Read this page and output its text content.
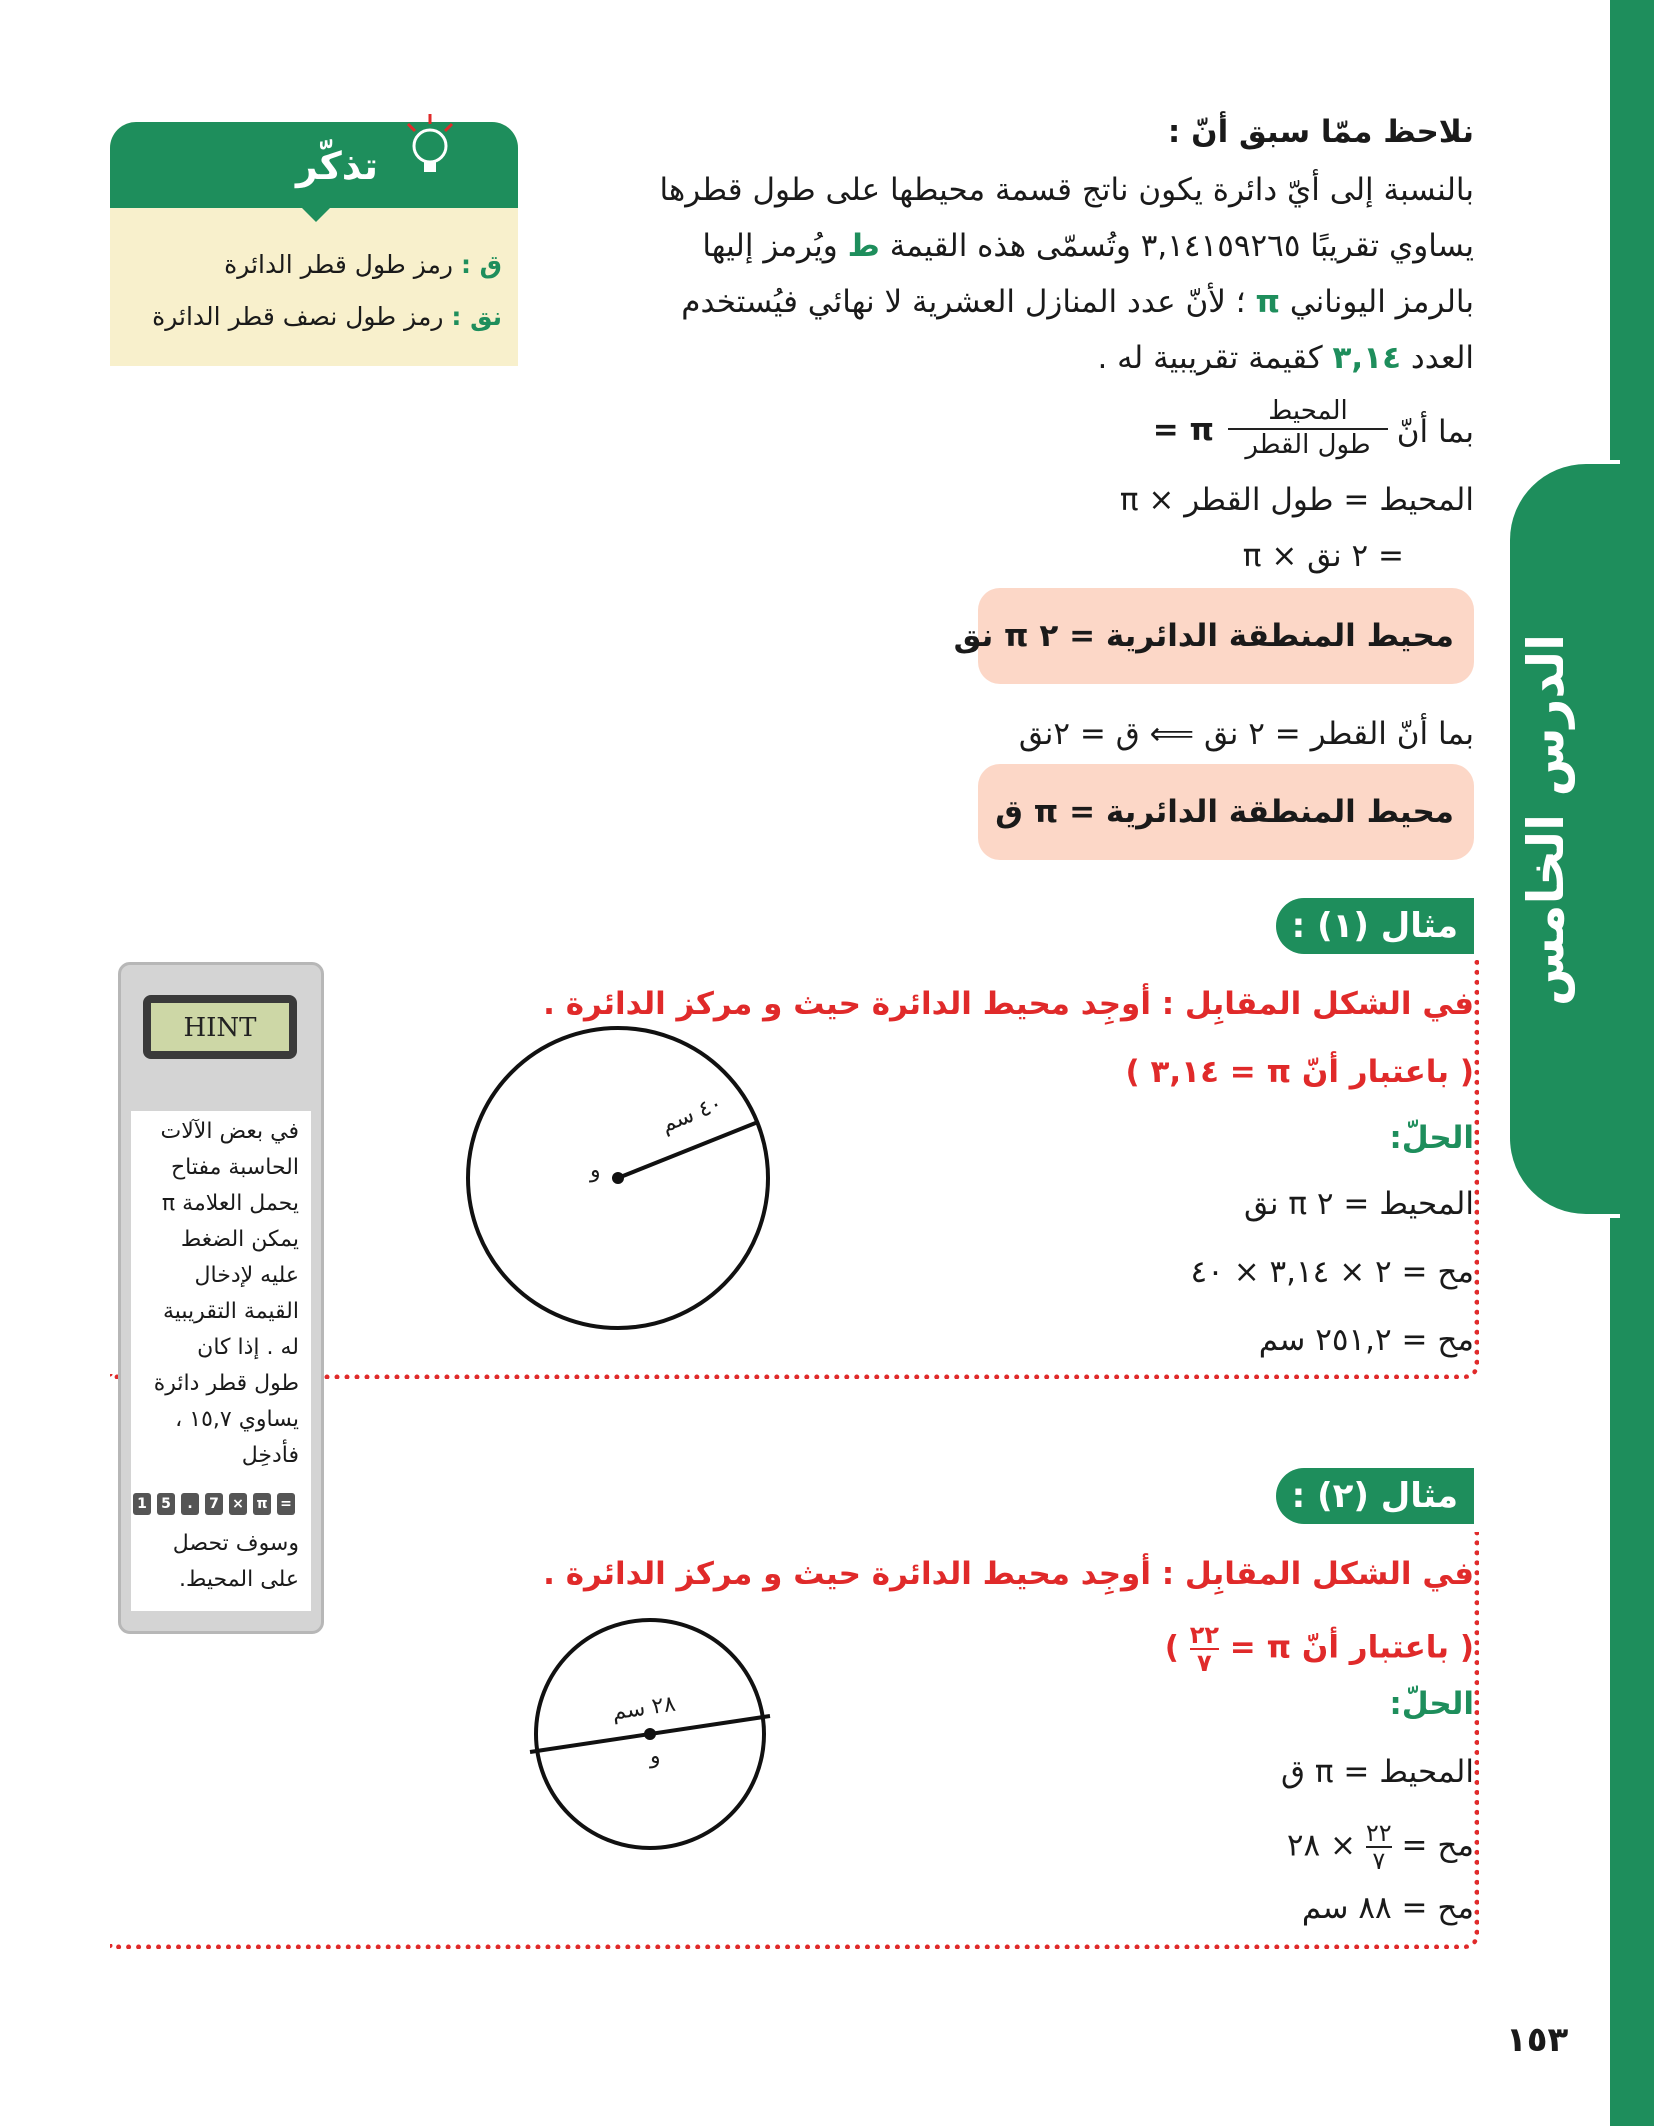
الدرس الخامس
تذكّر
ق : رمز طول قطر الدائرة
نق : رمز طول نصف قطر الدائرة
نلاحظ ممّا سبق أنّ :
بالنسبة إلى أيّ دائرة يكون ناتج قسمة محيطها على طول قطرها
يساوي تقريبًا ٣,١٤١٥٩٢٦٥ وتُسمّى هذه القيمة ط ويُرمز إليها
بالرمز اليوناني π ؛ لأنّ عدد المنازل العشرية لا نهائي فيُستخدم
العدد ٣,١٤ كقيمة تقريبية له .
بما أنّ
المحيط
طول القطر
= π
المحيط = طول القطر × π
= ٢ نق × π
محيط المنطقة الدائرية = ٢ π نق
بما أنّ القطر = ٢ نق ⟸ ق = ٢نق
محيط المنطقة الدائرية = π ق
مثال (١) :
في الشكل المقابِل : أوجِد محيط الدائرة حيث و مركز الدائرة .
( باعتبار أنّ π = ٣,١٤ )
الحلّ:
المحيط = ٢ π نق
مح = ٢ × ٣,١٤ × ٤٠
مح = ٢٥١,٢ سم
٤٠ سم
و
مثال (٢) :
في الشكل المقابِل : أوجِد محيط الدائرة حيث و مركز الدائرة .
( باعتبار أنّ π =
٢٢
٧
)
الحلّ:
المحيط = π ق
مح =
٢٢
٧
× ٢٨
مح = ٨٨ سم
٢٨ سم
و
HINT
في بعض الآلات
الحاسبة مفتاح
يحمل العلامة π
يمكن الضغط
عليه لإدخال
القيمة التقريبية
له . إذا كان
طول قطر دائرة
يساوي ١٥,٧ ،
فأدخِل
وسوف تحصل
على المحيط.
1 5	.	7 × π =
١٥٣
